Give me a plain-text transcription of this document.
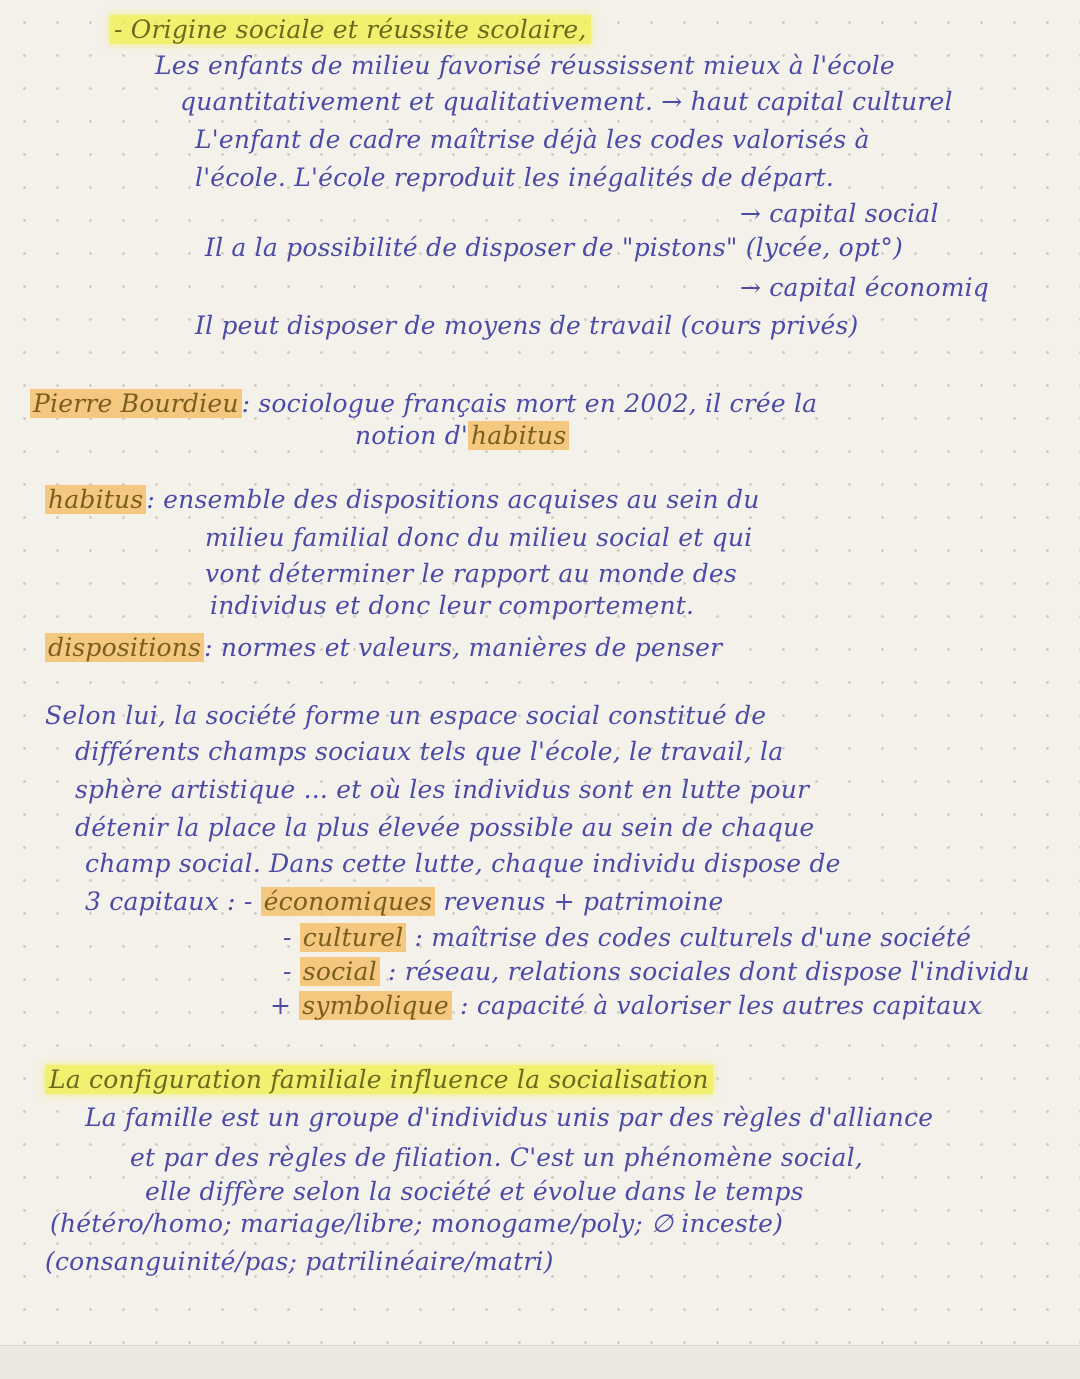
- Origine sociale et réussite scolaire,
Les enfants de milieu favorisé réussissent mieux à l'école
quantitativement et qualitativement. → haut capital culturel
L'enfant de cadre maîtrise déjà les codes valorisés à
l'école. L'école reproduit les inégalités de départ.
→ capital social
Il a la possibilité de disposer de "pistons" (lycée, opt°)
→ capital économiq
Il peut disposer de moyens de travail (cours privés)
Pierre Bourdieu : sociologue français mort en 2002, il crée la
notion d' habitus
habitus : ensemble des dispositions acquises au sein du
milieu familial donc du milieu social et qui
vont déterminer le rapport au monde des
individus et donc leur comportement.
dispositions : normes et valeurs, manières de penser
Selon lui, la société forme un espace social constitué de
différents champs sociaux tels que l'école, le travail, la
sphère artistique ... et où les individus sont en lutte pour
détenir la place la plus élevée possible au sein de chaque
champ social. Dans cette lutte, chaque individu dispose de
3 capitaux : - économiques revenus + patrimoine
- culturel : maîtrise des codes culturels d'une société
- social : réseau, relations sociales dont dispose l'individu
+ symbolique : capacité à valoriser les autres capitaux
La configuration familiale influence la socialisation
La famille est un groupe d'individus unis par des règles d'alliance
et par des règles de filiation. C'est un phénomène social,
elle diffère selon la société et évolue dans le temps
(hétéro/homo; mariage/libre; monogame/poly; ∅ inceste)
(consanguinité/pas; patrilinéaire/matri)
